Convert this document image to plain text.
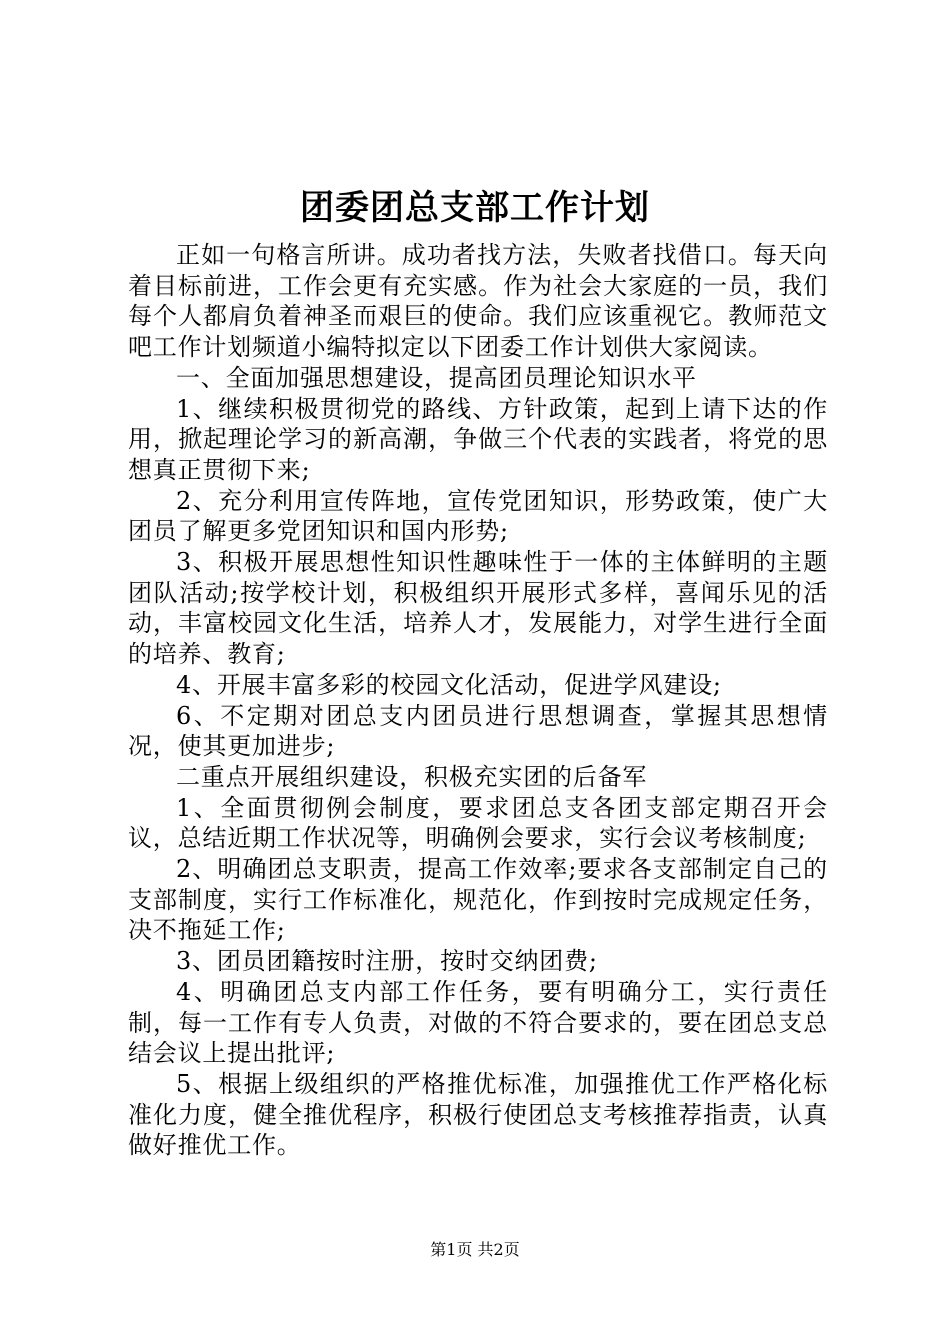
团委团总支部工作计划

正如一句格言所讲。成功者找方法，失败者找借口。每天向着目标前进，工作会更有充实感。作为社会大家庭的一员，我们每个人都肩负着神圣而艰巨的使命。我们应该重视它。教师范文吧工作计划频道小编特拟定以下团委工作计划供大家阅读。

一、全面加强思想建设，提高团员理论知识水平

1、继续积极贯彻党的路线、方针政策，起到上请下达的作用，掀起理论学习的新高潮，争做三个代表的实践者，将党的思想真正贯彻下来;

2、充分利用宣传阵地，宣传党团知识，形势政策，使广大团员了解更多党团知识和国内形势;

3、积极开展思想性知识性趣味性于一体的主体鲜明的主题团队活动;按学校计划，积极组织开展形式多样，喜闻乐见的活动，丰富校园文化生活，培养人才，发展能力，对学生进行全面的培养、教育;

4、开展丰富多彩的校园文化活动，促进学风建设;

6、不定期对团总支内团员进行思想调查，掌握其思想情况，使其更加进步;

二重点开展组织建设，积极充实团的后备军

1、全面贯彻例会制度，要求团总支各团支部定期召开会议，总结近期工作状况等，明确例会要求，实行会议考核制度;

2、明确团总支职责，提高工作效率;要求各支部制定自己的支部制度，实行工作标准化，规范化，作到按时完成规定任务，决不拖延工作;

3、团员团籍按时注册，按时交纳团费;

4、明确团总支内部工作任务，要有明确分工，实行责任制，每一工作有专人负责，对做的不符合要求的，要在团总支总结会议上提出批评;

5、根据上级组织的严格推优标准，加强推优工作严格化标准化力度，健全推优程序，积极行使团总支考核推荐指责，认真做好推优工作。

第1页 共2页
